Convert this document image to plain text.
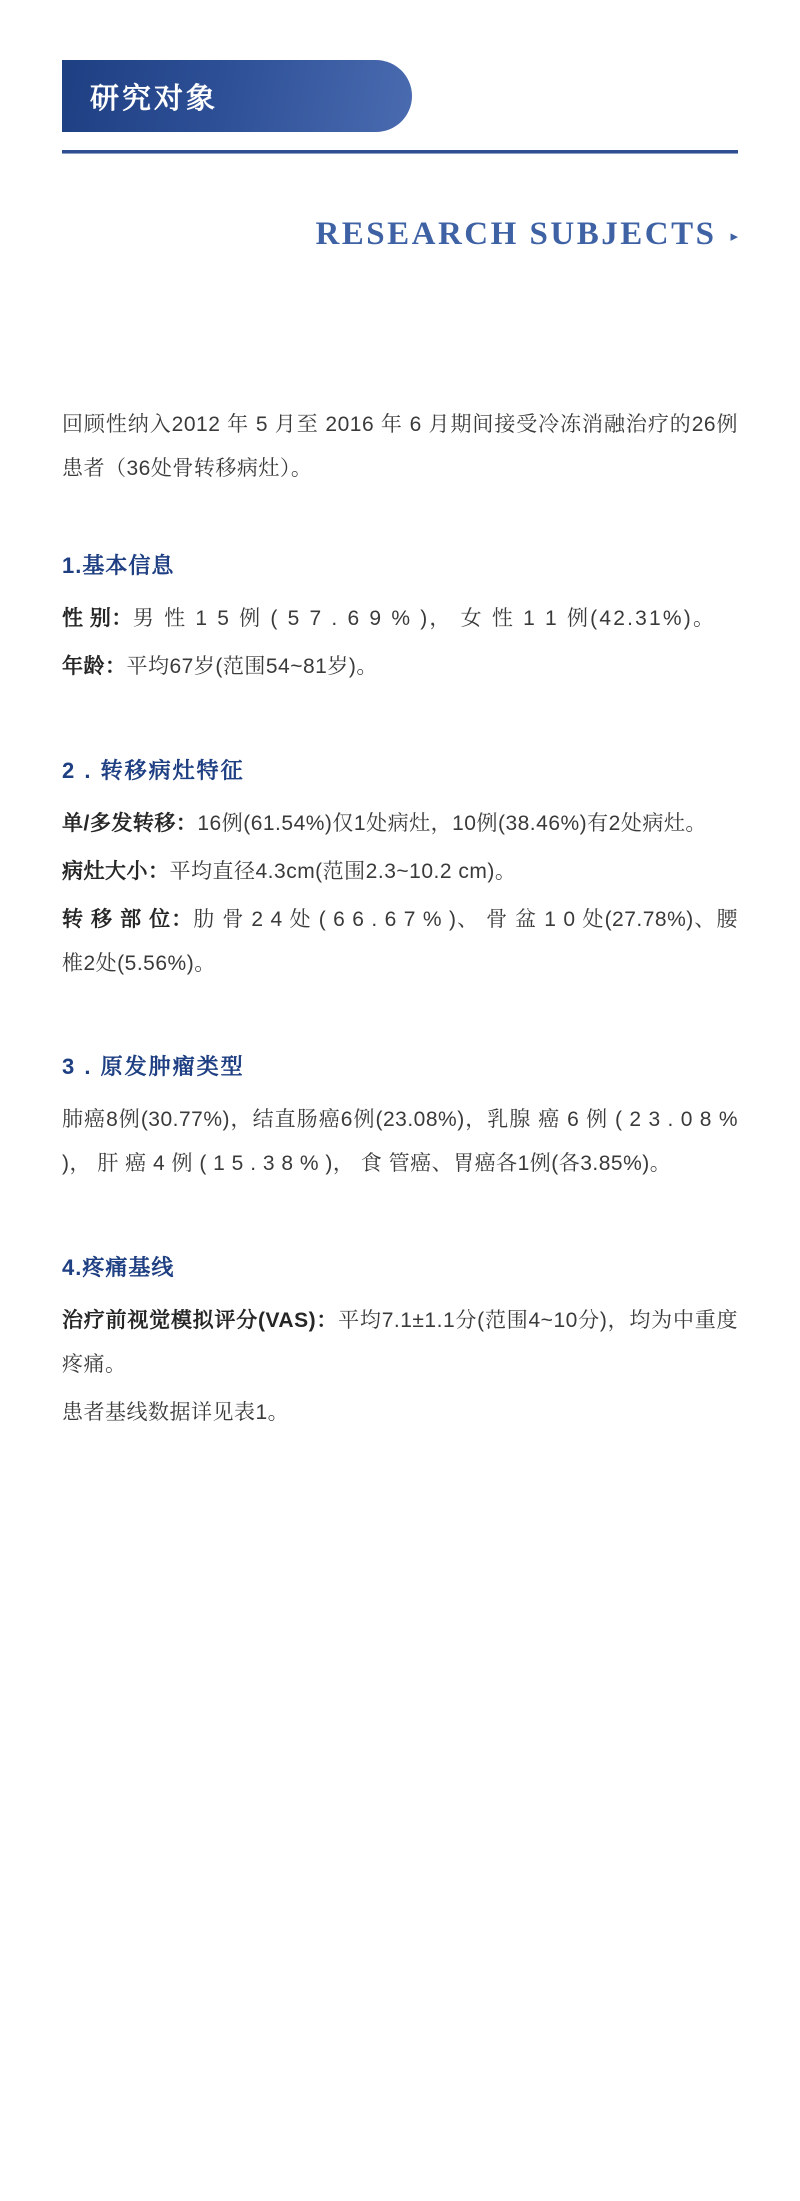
研究对象
RESEARCH SUBJECTS ▸

回顾性纳入2012 年 5 月至 2016 年 6 月期间接受冷冻消融治疗的26例患者（36处骨转移病灶）。

1.基本信息

性 别：男 性 1 5 例 ( 5 7 . 6 9 % )， 女 性 1 1 例(42.31%)。

年龄：平均67岁(范围54~81岁)。

2 . 转移病灶特征

单/多发转移：16例(61.54%)仅1处病灶，10例(38.46%)有2处病灶。

病灶大小：平均直径4.3cm(范围2.3~10.2 cm)。

转 移 部 位：肋 骨 2 4 处 ( 6 6 . 6 7 % )、 骨 盆 1 0 处(27.78%)、腰椎2处(5.56%)。

3 . 原发肿瘤类型

肺癌8例(30.77%)，结直肠癌6例(23.08%)，乳腺 癌 6 例 ( 2 3 . 0 8 % )， 肝 癌 4 例 ( 1 5 . 3 8 % )， 食 管癌、胃癌各1例(各3.85%)。

4.疼痛基线

治疗前视觉模拟评分(VAS)：平均7.1±1.1分(范围4~10分)，均为中重度疼痛。

患者基线数据详见表1。
